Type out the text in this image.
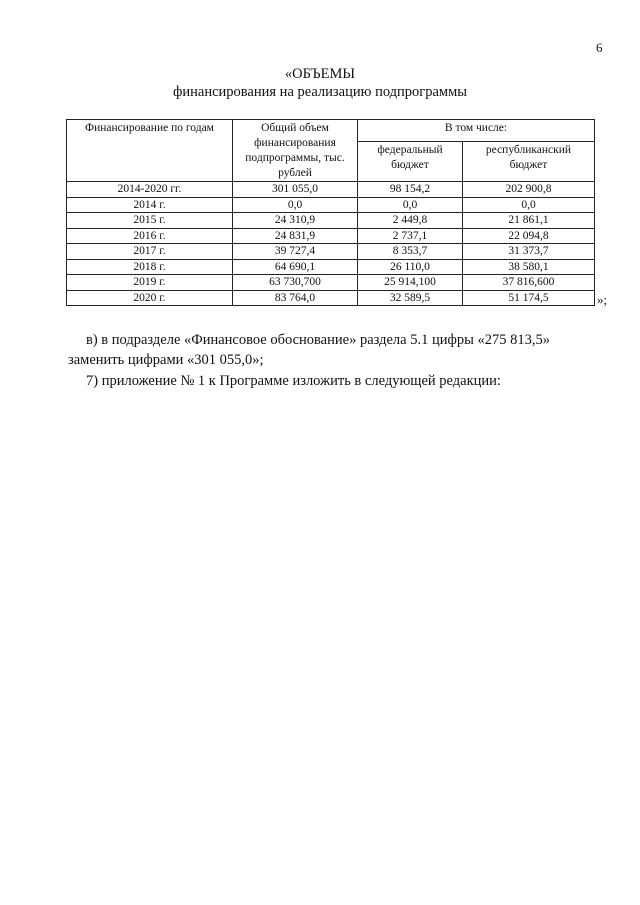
6
«ОБЪЕМЫ
финансирования на реализацию подпрограммы
Финансирование по годам	Общий объем финансирования подпрограммы, тыс. рублей	В том числе:	
		федеральный бюджет	республиканский бюджет
2014-2020 гг.	301 055,0	98 154,2	202 900,8
2014 г.	0,0	0,0	0,0
2015 г.	24 310,9	2 449,8	21 861,1
2016 г.	24 831,9	2 737,1	22 094,8
2017 г.	39 727,4	8 353,7	31 373,7
2018 г.	64 690,1	26 110,0	38 580,1
2019 г.	63 730,700	25 914,100	37 816,600
2020 г.	83 764,0	32 589,5	51 174,5	»;
в) в подразделе «Финансовое обоснование» раздела 5.1 цифры «275 813,5» заменить цифрами «301 055,0»;
7) приложение № 1 к Программе изложить в следующей редакции:
